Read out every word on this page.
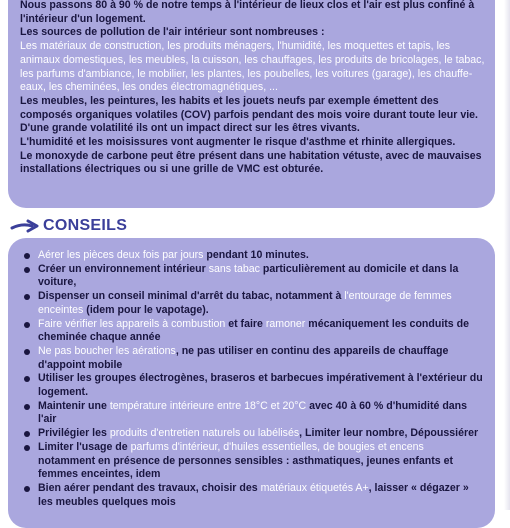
Nous passons 80 à 90 % de notre temps à l'intérieur de lieux clos et l'air est plus confiné à l'intérieur d'un logement.

Les sources de pollution de l'air intérieur sont nombreuses :

Les matériaux de construction, les produits ménagers, l'humidité, les moquettes et tapis, les animaux domestiques, les meubles, la cuisson, les chauffages, les produits de bricolages, le tabac, les parfums d'ambiance, le mobilier, les plantes, les poubelles, les voitures (garage), les chauffe-eaux, les cheminées, les ondes électromagnétiques, ...

Les meubles, les peintures, les habits et les jouets neufs par exemple émettent des composés organiques volatiles (COV) parfois pendant des mois voire durant toute leur vie. D'une grande volatilité ils ont un impact direct sur les êtres vivants.

L'humidité et les moisissures vont augmenter le risque d'asthme et rhinite allergiques.

Le monoxyde de carbone peut être présent dans une habitation vétuste, avec de mauvaises installations électriques ou si une grille de VMC est obturée.

CONSEILS
Aérer les pièces deux fois par jours pendant 10 minutes.
Créer un environnement intérieur sans tabac particulièrement au domicile et dans la voiture,
Dispenser un conseil minimal d'arrêt du tabac, notamment à l'entourage de femmes enceintes (idem pour le vapotage).
Faire vérifier les appareils à combustion et faire ramoner mécaniquement les conduits de cheminée chaque année
Ne pas boucher les aérations, ne pas utiliser en continu des appareils de chauffage d'appoint mobile
Utiliser les groupes électrogènes, braseros et barbecues impérativement à l'extérieur du logement.
Maintenir une température intérieure entre 18°C et 20°C avec 40 à 60 % d'humidité dans l'air
Privilégier les produits d'entretien naturels ou labélisés, Limiter leur nombre, Dépoussiérer
Limiter l'usage de parfums d'intérieur, d'huiles essentielles, de bougies et encens notamment en présence de personnes sensibles : asthmatiques, jeunes enfants et femmes enceintes, idem
Bien aérer pendant des travaux, choisir des matériaux étiquetés A+, laisser « dégazer » les meubles quelques mois
